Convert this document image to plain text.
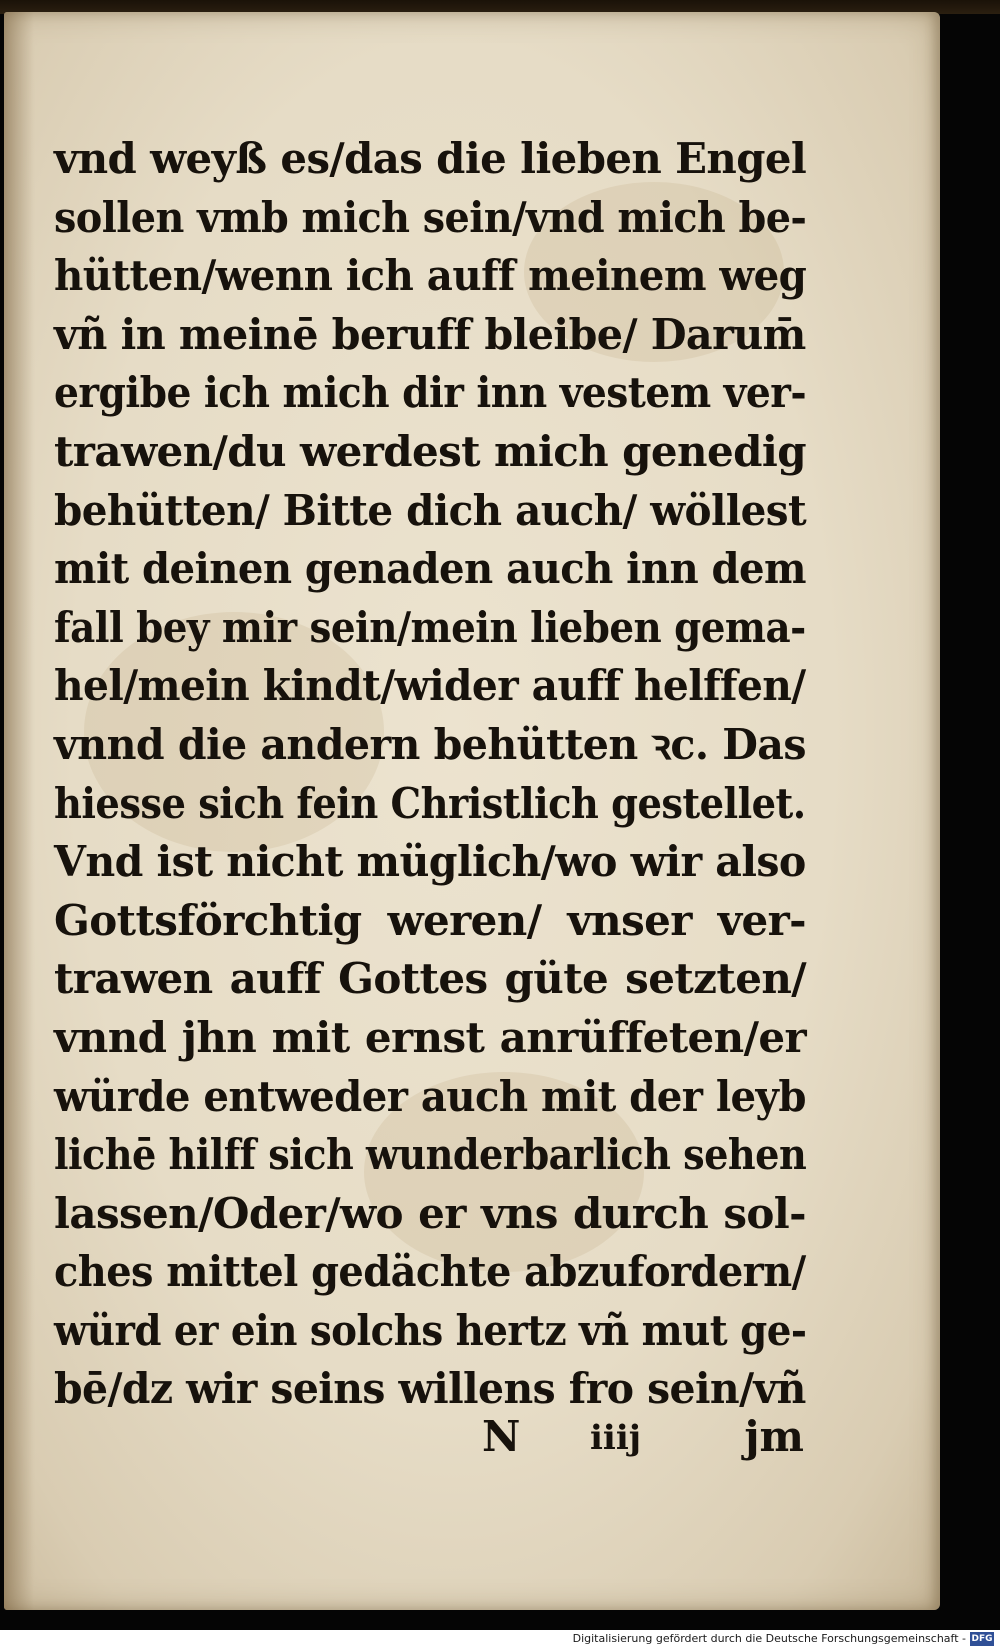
vnd weyß es/das die lieben Engel
sollen vmb mich sein/vnd mich be-
hütten/wenn ich auff meinem weg
vñ in meinē beruff bleibe/ Darum̄
ergibe ich mich dir inn vestem ver-
trawen/du werdest mich genedig
behütten/ Bitte dich auch/ wöllest
mit deinen genaden auch inn dem
fall bey mir sein/mein lieben gema-
hel/mein kindt/wider auff helffen/
vnnd die andern behütten ꝛc. Das
hiesse sich fein Christlich gestellet.
Vnd ist nicht müglich/wo wir also
Gottsförchtig weren/ vnser ver-
trawen auff Gottes güte setzten/
vnnd jhn mit ernst anrüffeten/er
würde entweder auch mit der leyb
lichē hilff sich wunderbarlich sehen
lassen/Oder/wo er vns durch sol-
ches mittel gedächte abzufordern/
würd er ein solchs hertz vñ mut ge-
bē/dz wir seins willens fro sein/vñ
N iiij jm
Digitalisierung gefördert durch die Deutsche Forschungsgemeinschaft - DFG
